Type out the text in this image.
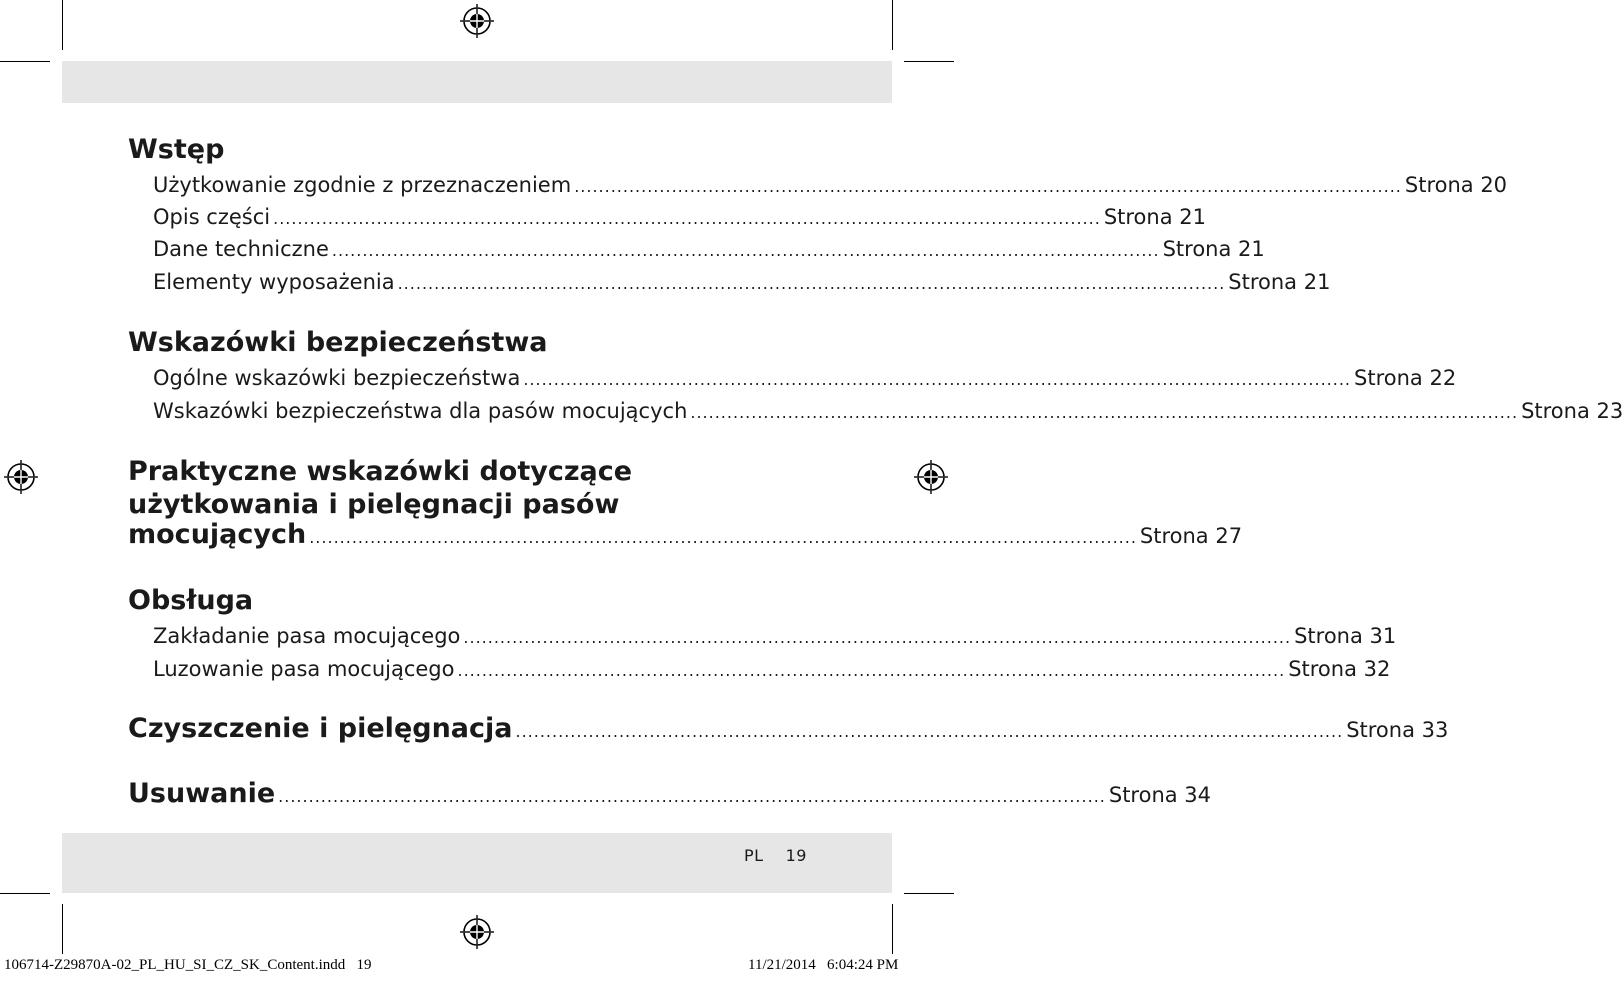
Wstęp
Użytkowanie zgodnie z przeznaczeniem ........................................................................................................................................ Strona 20
Opis części ........................................................................................................................................ Strona 21
Dane techniczne ........................................................................................................................................ Strona 21
Elementy wyposażenia ........................................................................................................................................ Strona 21
Wskazówki bezpieczeństwa
Ogólne wskazówki bezpieczeństwa ........................................................................................................................................ Strona 22
Wskazówki bezpieczeństwa dla pasów mocujących ........................................................................................................................................ Strona 23
Praktyczne wskazówki dotyczące
użytkowania i pielęgnacji pasów
mocujących ........................................................................................................................................ Strona 27
Obsługa
Zakładanie pasa mocującego ........................................................................................................................................ Strona 31
Luzowanie pasa mocującego ........................................................................................................................................ Strona 32
Czyszczenie i pielęgnacja ........................................................................................................................................ Strona 33
Usuwanie ........................................................................................................................................ Strona 34
PL 19
106714-Z29870A-02_PL_HU_SI_CZ_SK_Content.indd   19	11/21/2014   6:04:24 PM
